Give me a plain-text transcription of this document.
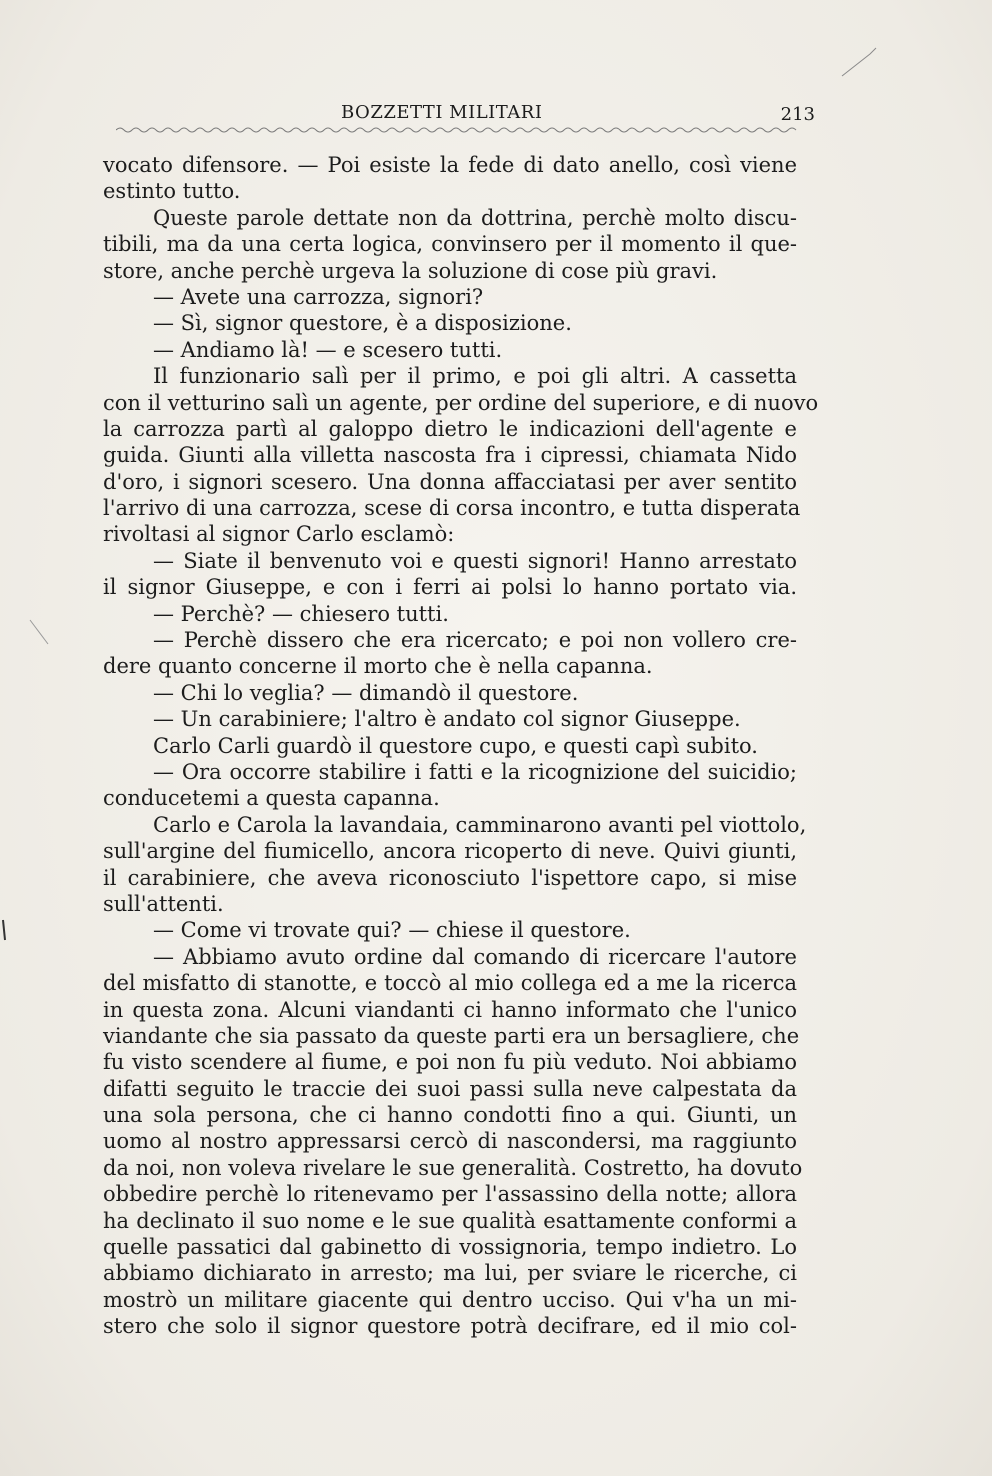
BOZZETTI MILITARI	213
vocato difensore. — Poi esiste la fede di dato anello, così viene
estinto tutto.
Queste parole dettate non da dottrina, perchè molto discu-
tibili, ma da una certa logica, convinsero per il momento il que-
store, anche perchè urgeva la soluzione di cose più gravi.
— Avete una carrozza, signori?
— Sì, signor questore, è a disposizione.
— Andiamo là! — e scesero tutti.
Il funzionario salì per il primo, e poi gli altri. A cassetta
con il vetturino salì un agente, per ordine del superiore, e di nuovo
la carrozza partì al galoppo dietro le indicazioni dell'agente e
guida. Giunti alla villetta nascosta fra i cipressi, chiamata Nido
d'oro, i signori scesero. Una donna affacciatasi per aver sentito
l'arrivo di una carrozza, scese di corsa incontro, e tutta disperata
rivoltasi al signor Carlo esclamò:
— Siate il benvenuto voi e questi signori! Hanno arrestato
il signor Giuseppe, e con i ferri ai polsi lo hanno portato via.
— Perchè? — chiesero tutti.
— Perchè dissero che era ricercato; e poi non vollero cre-
dere quanto concerne il morto che è nella capanna.
— Chi lo veglia? — dimandò il questore.
— Un carabiniere; l'altro è andato col signor Giuseppe.
Carlo Carli guardò il questore cupo, e questi capì subito.
— Ora occorre stabilire i fatti e la ricognizione del suicidio;
conducetemi a questa capanna.
Carlo e Carola la lavandaia, camminarono avanti pel viottolo,
sull'argine del fiumicello, ancora ricoperto di neve. Quivi giunti,
il carabiniere, che aveva riconosciuto l'ispettore capo, si mise
sull'attenti.
— Come vi trovate qui? — chiese il questore.
— Abbiamo avuto ordine dal comando di ricercare l'autore
del misfatto di stanotte, e toccò al mio collega ed a me la ricerca
in questa zona. Alcuni viandanti ci hanno informato che l'unico
viandante che sia passato da queste parti era un bersagliere, che
fu visto scendere al fiume, e poi non fu più veduto. Noi abbiamo
difatti seguito le traccie dei suoi passi sulla neve calpestata da
una sola persona, che ci hanno condotti fino a qui. Giunti, un
uomo al nostro appressarsi cercò di nascondersi, ma raggiunto
da noi, non voleva rivelare le sue generalità. Costretto, ha dovuto
obbedire perchè lo ritenevamo per l'assassino della notte; allora
ha declinato il suo nome e le sue qualità esattamente conformi a
quelle passatici dal gabinetto di vossignoria, tempo indietro. Lo
abbiamo dichiarato in arresto; ma lui, per sviare le ricerche, ci
mostrò un militare giacente qui dentro ucciso. Qui v'ha un mi-
stero che solo il signor questore potrà decifrare, ed il mio col-
